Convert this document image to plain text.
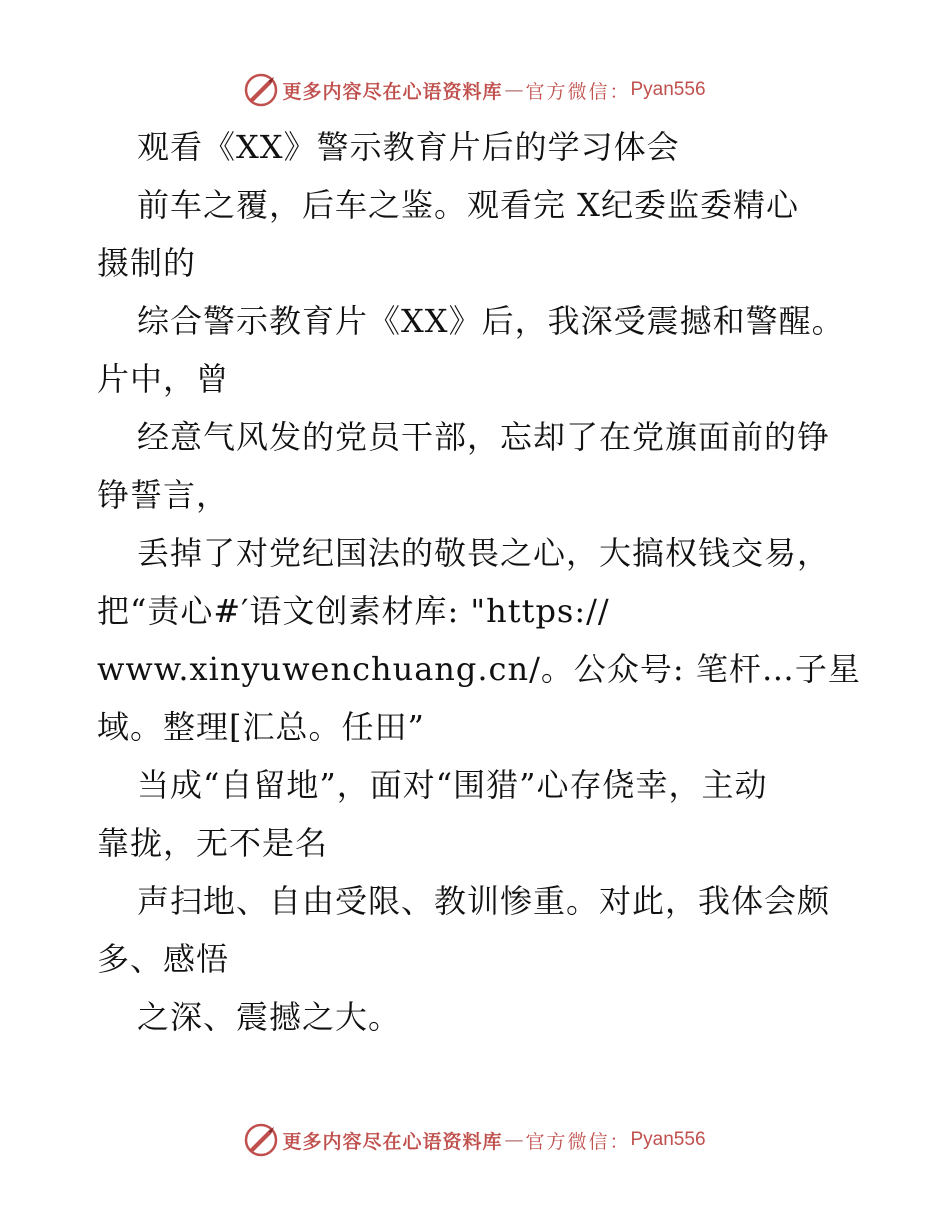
更多内容尽在心语资料库 — 官方微信： Pyan556
观看《XX》警示教育片后的学习体会
前车之覆，后车之鉴。观看完 X纪委监委精心
摄制的
综合警示教育片《XX》后，我深受震撼和警醒。
片中，曾
经意气风发的党员干部，忘却了在党旗面前的铮
铮誓言，
丢掉了对党纪国法的敬畏之心，大搞权钱交易，
把“责心#′语文创素材库: "https://
www.xinyuwenchuang.cn/。公众号: 笔杆…子星
域。整理[汇总。任田”
当成“自留地”，面对“围猎”心存侥幸，主动
靠拢，无不是名
声扫地、自由受限、教训惨重。对此，我体会颇
多、感悟
之深、震撼之大。
更多内容尽在心语资料库 — 官方微信： Pyan556
